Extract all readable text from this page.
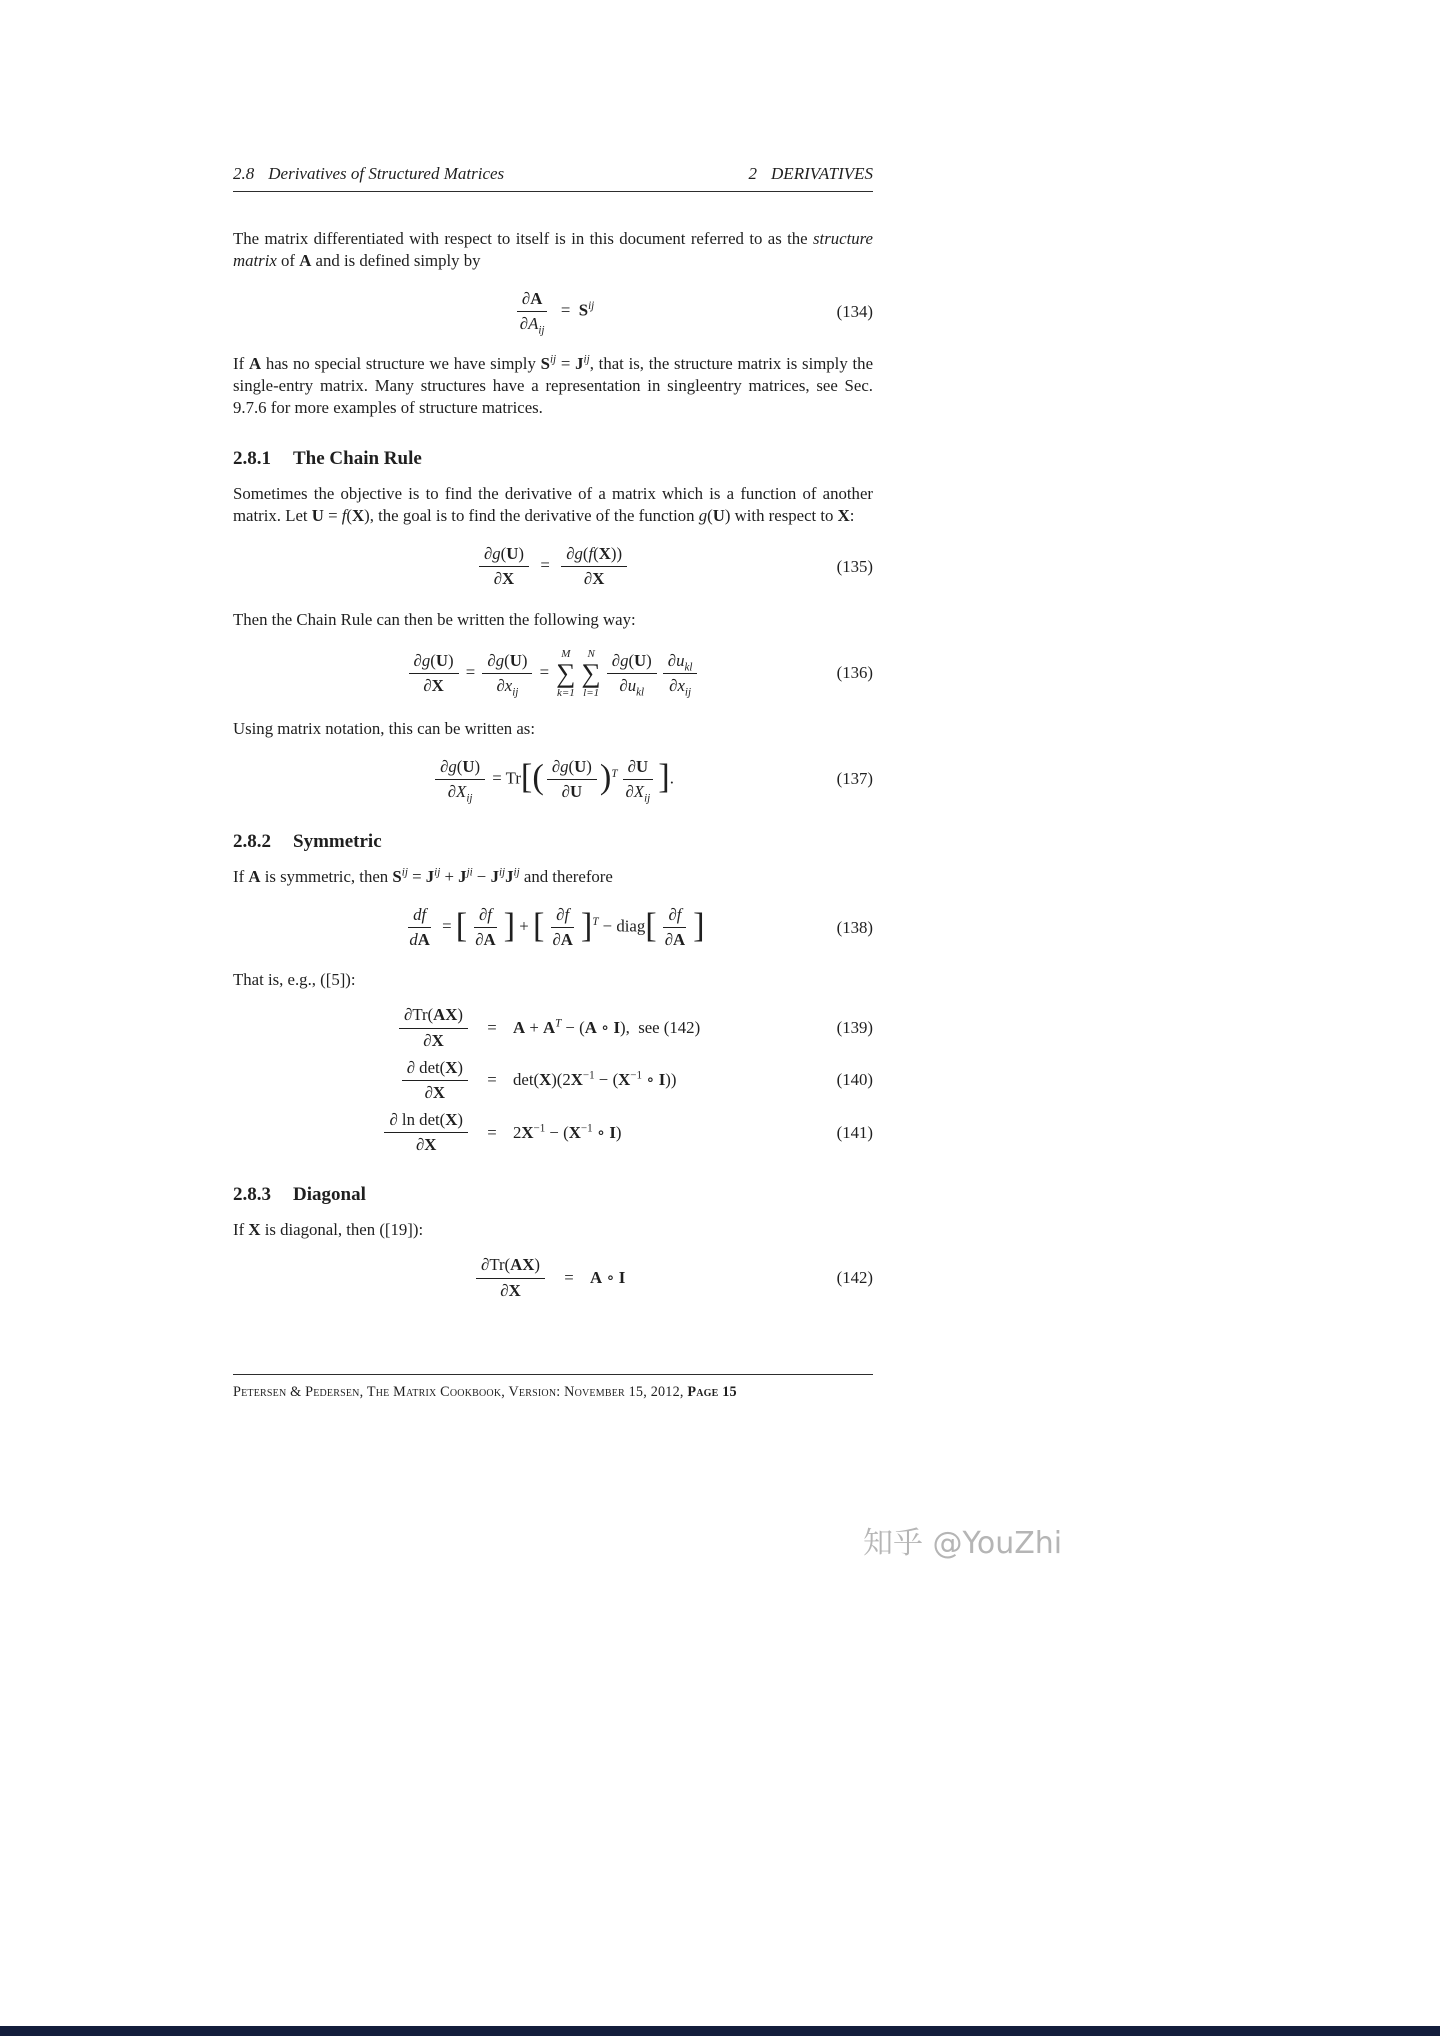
2.8 Derivatives of Structured Matrices	2 DERIVATIVES

The matrix differentiated with respect to itself is in this document referred to as the structure matrix of A and is defined simply by

$\frac{\partial A}{\partial A_{ij}} = S^{ij}$	(134)

If A has no special structure we have simply $S^{ij} = J^{ij}$, that is, the structure matrix is simply the single-entry matrix. Many structures have a representation in singleentry matrices, see Sec. 9.7.6 for more examples of structure matrices.

2.8.1 The Chain Rule

Sometimes the objective is to find the derivative of a matrix which is a function of another matrix. Let U = f(X), the goal is to find the derivative of the function g(U) with respect to X:

$\frac{\partial g(U)}{\partial X} = \frac{\partial g(f(X))}{\partial X}$	(135)

Then the Chain Rule can then be written the following way:

$\frac{\partial g(U)}{\partial X} = \frac{\partial g(U)}{\partial x_{ij}}$ =
M
∑
k=1
N
∑
$l=1 \frac{\partial g(U)}{\partial u_{kl}} \frac{\partial u_{kl}}{\partial x_{ij}}$	(136)

Using matrix notation, this can be written as:

$\frac{\partial g(U)}{\partial X_{ij}} = Tr[( \frac{\partial g(U)}{\partial U} )^T \frac{\partial U}{\partial X_{ij}}$ ].	(137)
2.8.2 Symmetric

If A is symmetric, then $S^{ij} = J^{ij} + J^{ji} - J^{ij}J^{ij}$ and therefore

$\frac{df}{dA}$ = [ $\frac{\partial f}{\partial A}$ ] + [ $\frac{\partial f}{\partial A} ]^T$ − diag[ $\frac{\partial f}{\partial A}$ ]	(138)

That is, e.g., ([5]):

$\frac{\partial Tr(AX)}{\partial X} = A + A^T - (A$ ∘ I),  see (142)	(139)
$\frac{\partial \det(X)}{\partial X} = \det(X)(2X^{-1} - (X^{-1}$ ∘ I))	(140)
$\frac{\text{∂ ln det(X)}}{\partial X} = 2X^{-1} - (X^{-1}$ ∘ I)	(141)
2.8.3 Diagonal

If X is diagonal, then ([19]):

$\frac{\partial Tr(AX)}{\partial X} = A$ ∘ I	(142)
Petersen & Pedersen, The Matrix Cookbook, Version: November 15, 2012, Page 15
知乎 @YouZhi
